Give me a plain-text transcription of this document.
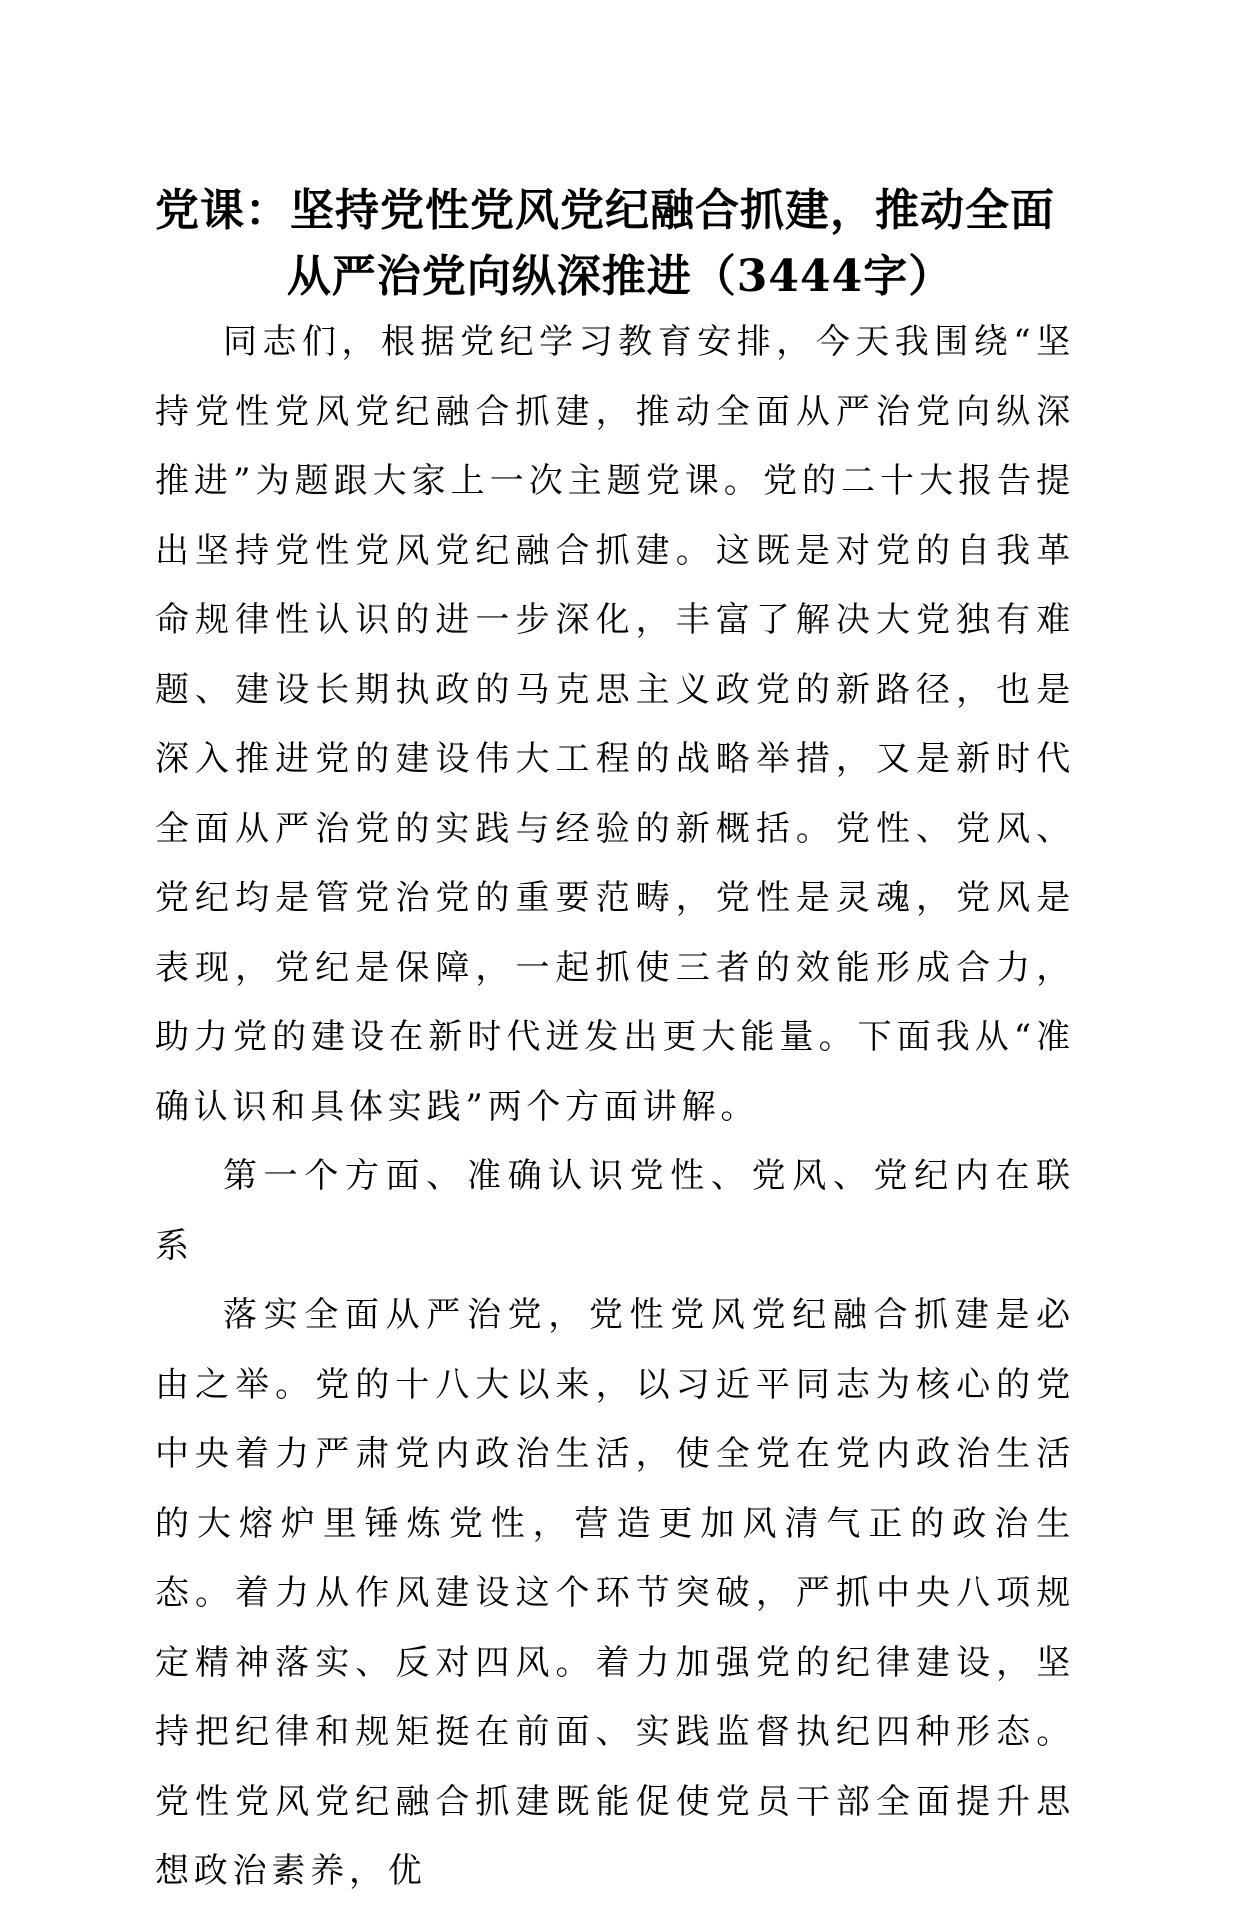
党课：坚持党性党风党纪融合抓建，推动全面
从严治党向纵深推进（3444字）

同志们，根据党纪学习教育安排，今天我围绕“坚持党性党风党纪融合抓建，推动全面从严治党向纵深推进”为题跟大家上一次主题党课。党的二十大报告提出坚持党性党风党纪融合抓建。这既是对党的自我革命规律性认识的进一步深化，丰富了解决大党独有难题、建设长期执政的马克思主义政党的新路径，也是深入推进党的建设伟大工程的战略举措，又是新时代全面从严治党的实践与经验的新概括。党性、党风、党纪均是管党治党的重要范畴，党性是灵魂，党风是表现，党纪是保障，一起抓使三者的效能形成合力，助力党的建设在新时代迸发出更大能量。下面我从“准确认识和具体实践”两个方面讲解。

第一个方面、准确认识党性、党风、党纪内在联系

落实全面从严治党，党性党风党纪融合抓建是必由之举。党的十八大以来，以习近平同志为核心的党中央着力严肃党内政治生活，使全党在党内政治生活的大熔炉里锤炼党性，营造更加风清气正的政治生态。着力从作风建设这个环节突破，严抓中央八项规定精神落实、反对四风。着力加强党的纪律建设，坚持把纪律和规矩挺在前面、实践监督执纪四种形态。党性党风党纪融合抓建既能促使党员干部全面提升思想政治素养，优
